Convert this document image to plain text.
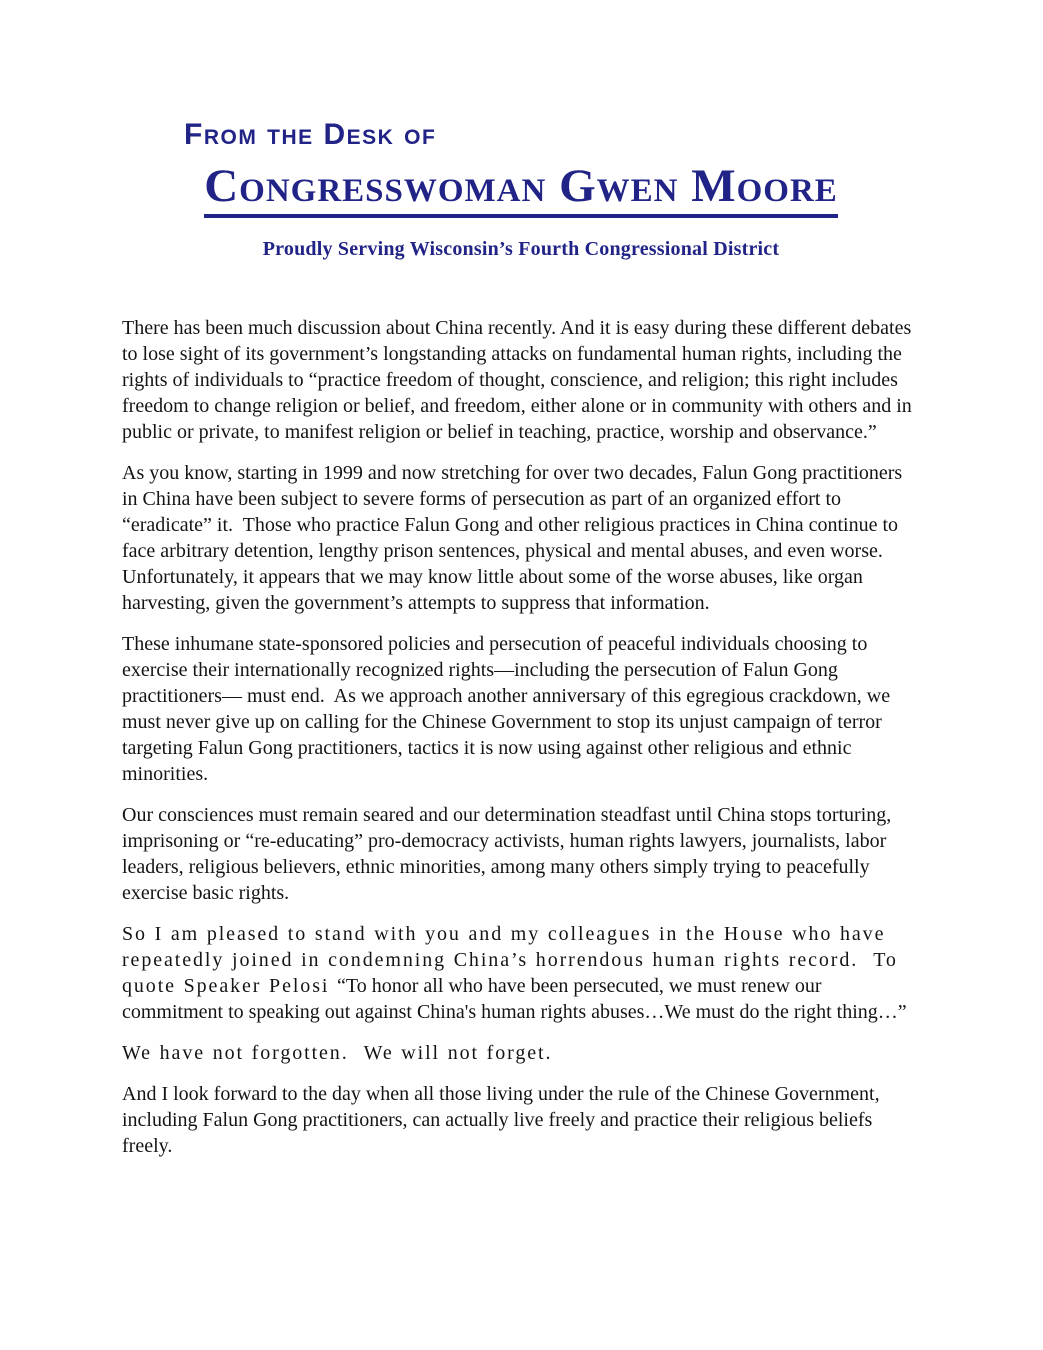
From the Desk of
Congresswoman Gwen Moore
Proudly Serving Wisconsin’s Fourth Congressional District

There has been much discussion about China recently. And it is easy during these different debates to lose sight of its government’s longstanding attacks on fundamental human rights, including the rights of individuals to “practice freedom of thought, conscience, and religion; this right includes freedom to change religion or belief, and freedom, either alone or in community with others and in public or private, to manifest religion or belief in teaching, practice, worship and observance.”

As you know, starting in 1999 and now stretching for over two decades, Falun Gong practitioners in China have been subject to severe forms of persecution as part of an organized effort to “eradicate” it.  Those who practice Falun Gong and other religious practices in China continue to face arbitrary detention, lengthy prison sentences, physical and mental abuses, and even worse.   Unfortunately, it appears that we may know little about some of the worse abuses, like organ harvesting, given the government’s attempts to suppress that information.

These inhumane state-sponsored policies and persecution of peaceful individuals choosing to exercise their internationally recognized rights—including the persecution of Falun Gong practitioners— must end.  As we approach another anniversary of this egregious crackdown, we must never give up on calling for the Chinese Government to stop its unjust campaign of terror targeting Falun Gong practitioners, tactics it is now using against other religious and ethnic minorities.

Our consciences must remain seared and our determination steadfast until China stops torturing, imprisoning or “re-educating” pro-democracy activists, human rights lawyers, journalists, labor leaders, religious believers, ethnic minorities, among many others simply trying to peacefully exercise basic rights.

So I am pleased to stand with you and my colleagues in the House who have repeatedly joined in condemning China’s horrendous human rights record.  To quote Speaker Pelosi “To honor all who have been persecuted, we must renew our commitment to speaking out against China's human rights abuses…We must do the right thing…”

We have not forgotten.  We will not forget.

And I look forward to the day when all those living under the rule of the Chinese Government, including Falun Gong practitioners, can actually live freely and practice their religious beliefs freely.
